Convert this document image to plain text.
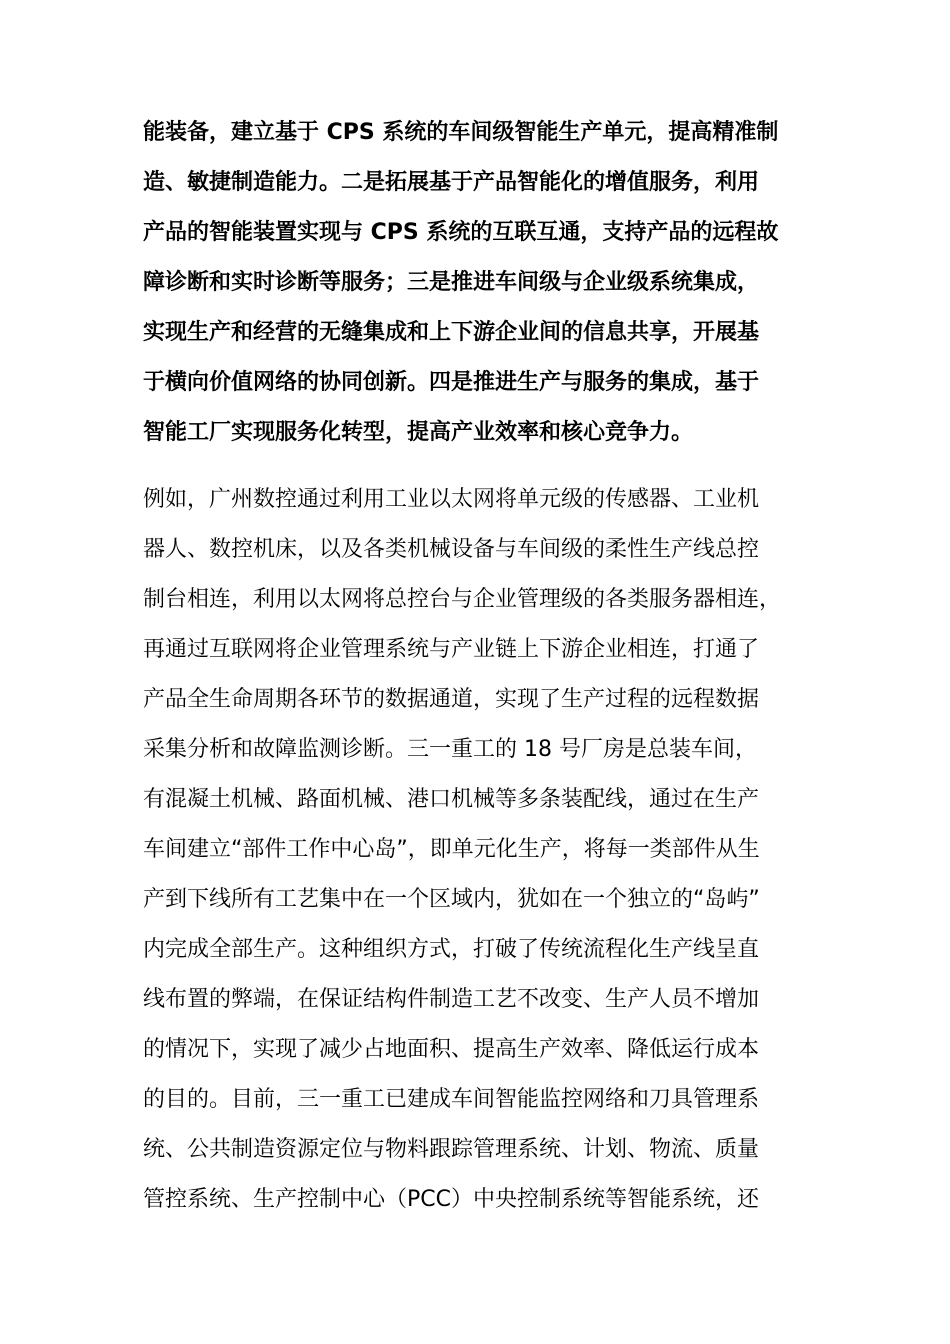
能装备，建立基于 CPS 系统的车间级智能生产单元，提高精准制
造、敏捷制造能力。二是拓展基于产品智能化的增值服务，利用
产品的智能装置实现与 CPS 系统的互联互通，支持产品的远程故
障诊断和实时诊断等服务；三是推进车间级与企业级系统集成，
实现生产和经营的无缝集成和上下游企业间的信息共享，开展基
于横向价值网络的协同创新。四是推进生产与服务的集成，基于
智能工厂实现服务化转型，提高产业效率和核心竞争力。
例如，广州数控通过利用工业以太网将单元级的传感器、工业机
器人、数控机床，以及各类机械设备与车间级的柔性生产线总控
制台相连，利用以太网将总控台与企业管理级的各类服务器相连，
再通过互联网将企业管理系统与产业链上下游企业相连，打通了
产品全生命周期各环节的数据通道，实现了生产过程的远程数据
采集分析和故障监测诊断。三一重工的 18 号厂房是总装车间，
有混凝土机械、路面机械、港口机械等多条装配线，通过在生产
车间建立“部件工作中心岛”，即单元化生产，将每一类部件从生
产到下线所有工艺集中在一个区域内，犹如在一个独立的“岛屿”
内完成全部生产。这种组织方式，打破了传统流程化生产线呈直
线布置的弊端，在保证结构件制造工艺不改变、生产人员不增加
的情况下，实现了减少占地面积、提高生产效率、降低运行成本
的目的。目前，三一重工已建成车间智能监控网络和刀具管理系
统、公共制造资源定位与物料跟踪管理系统、计划、物流、质量
管控系统、生产控制中心（PCC）中央控制系统等智能系统，还
